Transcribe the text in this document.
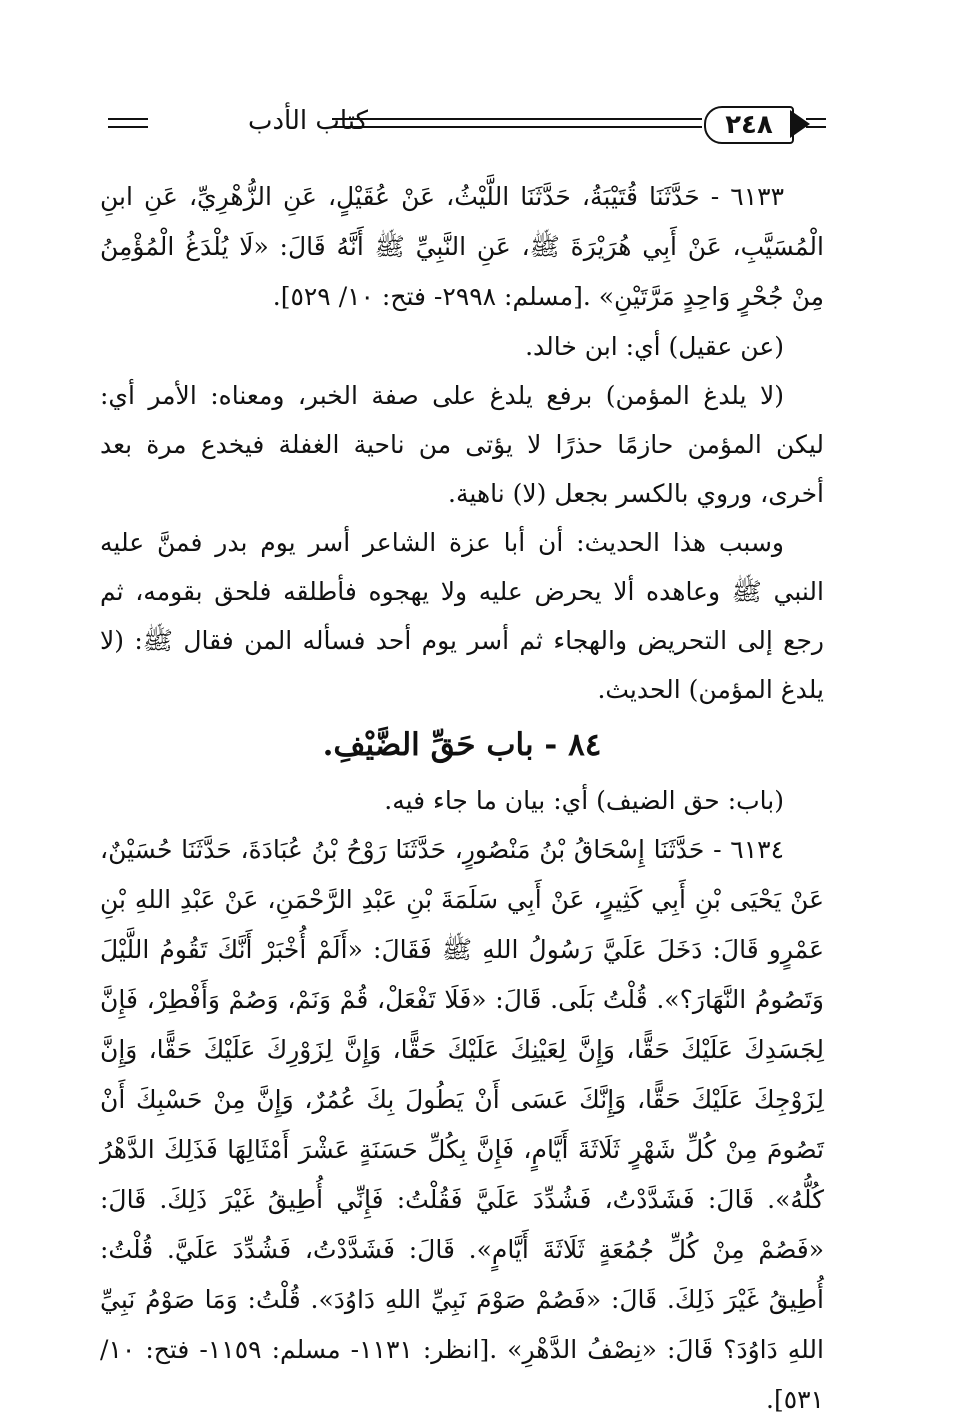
كتاب الأدب	٢٤٨

٦١٣٣ - حَدَّثَنَا قُتَيْبَةُ، حَدَّثَنَا اللَّيْثُ، عَنْ عُقَيْلٍ، عَنِ الزُّهْرِيِّ، عَنِ ابنِ الْمُسَيَّبِ، عَنْ أَبِي هُرَيْرَةَ ﷺ، عَنِ النَّبِيِّ ﷺ أَنَّهُ قَالَ: «لَا يُلْدَغُ الْمُؤْمِنُ مِنْ جُحْرٍ وَاحِدٍ مَرَّتَيْنِ» .[مسلم: ٢٩٩٨- فتح: ١٠/ ٥٢٩].

(عن عقيل) أي: ابن خالد.

(لا يلدغ المؤمن) برفع يلدغ على صفة الخبر، ومعناه: الأمر أي: ليكن المؤمن حازمًا حذرًا لا يؤتى من ناحية الغفلة فيخدع مرة بعد أخرى، وروي بالكسر بجعل (لا) ناهية.

وسبب هذا الحديث: أن أبا عزة الشاعر أسر يوم بدر فمنَّ عليه النبي ﷺ وعاهده ألا يحرض عليه ولا يهجوه فأطلقه فلحق بقومه، ثم رجع إلى التحريض والهجاء ثم أسر يوم أحد فسأله المن فقال ﷺ: (لا يلدغ المؤمن) الحديث.

٨٤ - باب حَقِّ الضَّيْفِ.

(باب: حق الضيف) أي: بيان ما جاء فيه.

٦١٣٤ - حَدَّثَنَا إِسْحَاقُ بْنُ مَنْصُورٍ، حَدَّثَنَا رَوْحُ بْنُ عُبَادَةَ، حَدَّثَنَا حُسَيْنٌ، عَنْ يَحْيَى بْنِ أَبِي كَثِيرٍ، عَنْ أَبِي سَلَمَةَ بْنِ عَبْدِ الرَّحْمَنِ، عَنْ عَبْدِ اللهِ بْنِ عَمْرٍو قَالَ: دَخَلَ عَلَيَّ رَسُولُ اللهِ ﷺ فَقَالَ: «أَلَمْ أُخْبَرْ أَنَّكَ تَقُومُ اللَّيْلَ وَتَصُومُ النَّهَارَ؟». قُلْتُ بَلَى. قَالَ: «فَلَا تَفْعَلْ، قُمْ وَنَمْ، وَصُمْ وَأَفْطِرْ، فَإِنَّ لِجَسَدِكَ عَلَيْكَ حَقًّا، وَإِنَّ لِعَيْنِكَ عَلَيْكَ حَقًّا، وَإِنَّ لِزَوْرِكَ عَلَيْكَ حَقًّا، وَإِنَّ لِزَوْجِكَ عَلَيْكَ حَقًّا، وَإِنَّكَ عَسَى أَنْ يَطُولَ بِكَ عُمُرٌ، وَإِنَّ مِنْ حَسْبِكَ أَنْ تَصُومَ مِنْ كُلِّ شَهْرٍ ثَلَاثَةَ أَيَّامٍ، فَإِنَّ بِكُلِّ حَسَنَةٍ عَشْرَ أَمْثَالِهَا فَذَلِكَ الدَّهْرُ كُلُّهُ». قَالَ: فَشَدَّدْتُ، فَشُدِّدَ عَلَيَّ فَقُلْتُ: فَإِنِّي أُطِيقُ غَيْرَ ذَلِكَ. قَالَ: «فَصُمْ مِنْ كُلِّ جُمُعَةٍ ثَلَاثَةَ أَيَّامٍ». قَالَ: فَشَدَّدْتُ، فَشُدِّدَ عَلَيَّ. قُلْتُ: أُطِيقُ غَيْرَ ذَلِكَ. قَالَ: «فَصُمْ صَوْمَ نَبِيِّ اللهِ دَاوُدَ». قُلْتُ: وَمَا صَوْمُ نَبِيِّ اللهِ دَاوُدَ؟ قَالَ: «نِصْفُ الدَّهْرِ» .[انظر: ١١٣١- مسلم: ١١٥٩- فتح: ١٠/ ٥٣١].
